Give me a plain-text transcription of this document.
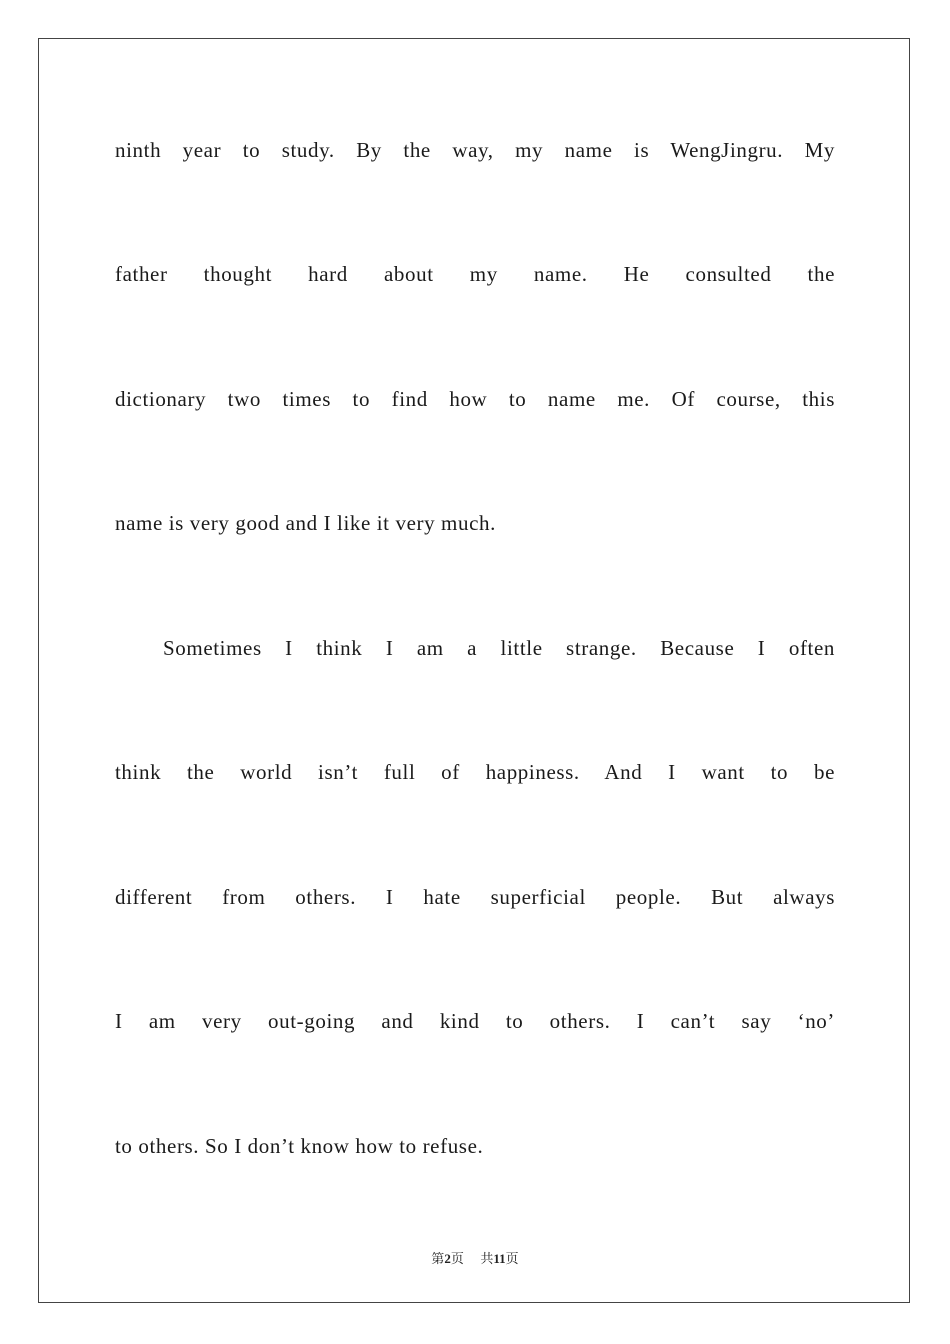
ninth year to study. By the way, my name is WengJingru. My
father thought hard about my name. He consulted the
dictionary two times to find how to name me. Of course, this
name is very good and I like it very much.
Sometimes I think I am a little strange. Because I often
think the world isn’t full of happiness. And I want to be
different from others. I hate superficial people. But always
I am very out-going and kind to others. I can’t say ‘no’
to others. So I don’t know how to refuse.
第2页 共11页
